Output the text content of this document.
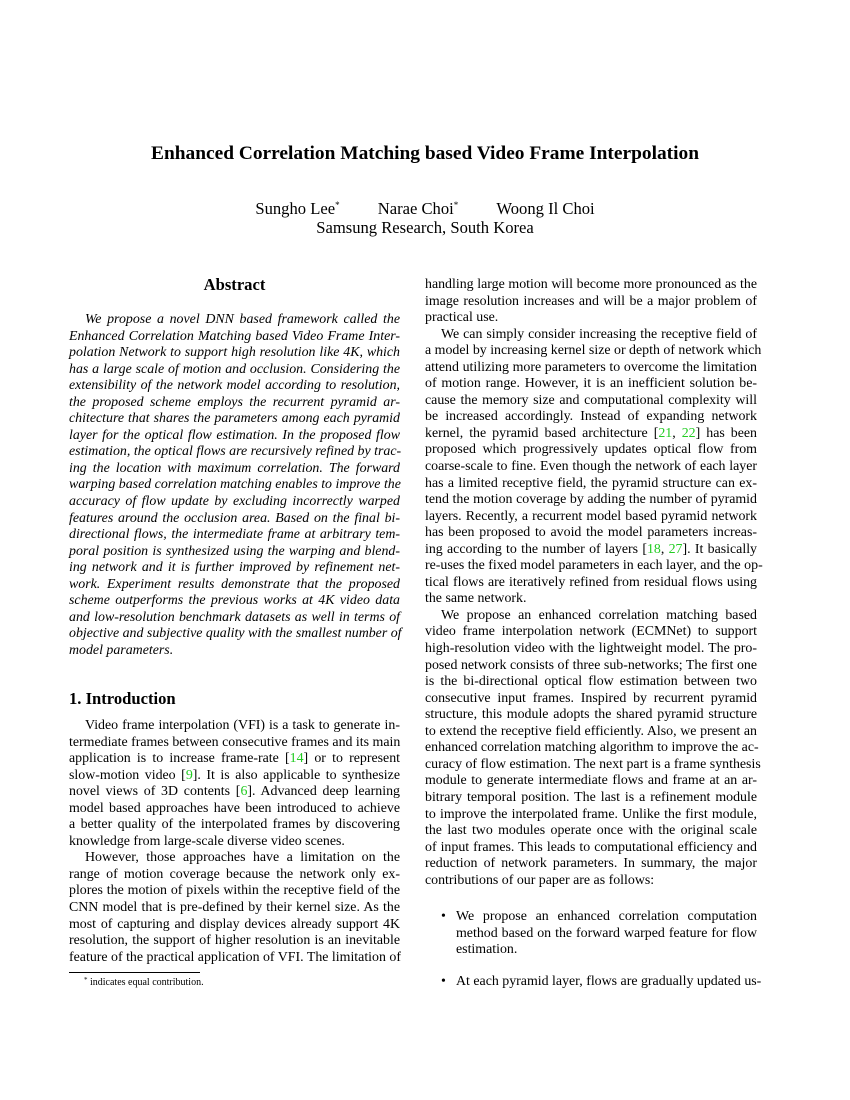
Enhanced Correlation Matching based Video Frame Interpolation
Sungho Lee* Narae Choi* Woong Il Choi
Samsung Research, South Korea
Abstract
We propose a novel DNN based framework called the
Enhanced Correlation Matching based Video Frame Inter-
polation Network to support high resolution like 4K, which
has a large scale of motion and occlusion. Considering the
extensibility of the network model according to resolution,
the proposed scheme employs the recurrent pyramid ar-
chitecture that shares the parameters among each pyramid
layer for the optical flow estimation. In the proposed flow
estimation, the optical flows are recursively refined by trac-
ing the location with maximum correlation. The forward
warping based correlation matching enables to improve the
accuracy of flow update by excluding incorrectly warped
features around the occlusion area. Based on the final bi-
directional flows, the intermediate frame at arbitrary tem-
poral position is synthesized using the warping and blend-
ing network and it is further improved by refinement net-
work. Experiment results demonstrate that the proposed
scheme outperforms the previous works at 4K video data
and low-resolution benchmark datasets as well in terms of
objective and subjective quality with the smallest number of
model parameters.
1. Introduction
Video frame interpolation (VFI) is a task to generate in-
termediate frames between consecutive frames and its main
application is to increase frame-rate [14] or to represent
slow-motion video [9]. It is also applicable to synthesize
novel views of 3D contents [6]. Advanced deep learning
model based approaches have been introduced to achieve
a better quality of the interpolated frames by discovering
knowledge from large-scale diverse video scenes.
However, those approaches have a limitation on the
range of motion coverage because the network only ex-
plores the motion of pixels within the receptive field of the
CNN model that is pre-defined by their kernel size. As the
most of capturing and display devices already support 4K
resolution, the support of higher resolution is an inevitable
feature of the practical application of VFI. The limitation of
handling large motion will become more pronounced as the
image resolution increases and will be a major problem of
practical use.
We can simply consider increasing the receptive field of
a model by increasing kernel size or depth of network which
attend utilizing more parameters to overcome the limitation
of motion range. However, it is an inefficient solution be-
cause the memory size and computational complexity will
be increased accordingly. Instead of expanding network
kernel, the pyramid based architecture [21, 22] has been
proposed which progressively updates optical flow from
coarse-scale to fine. Even though the network of each layer
has a limited receptive field, the pyramid structure can ex-
tend the motion coverage by adding the number of pyramid
layers. Recently, a recurrent model based pyramid network
has been proposed to avoid the model parameters increas-
ing according to the number of layers [18, 27]. It basically
re-uses the fixed model parameters in each layer, and the op-
tical flows are iteratively refined from residual flows using
the same network.
We propose an enhanced correlation matching based
video frame interpolation network (ECMNet) to support
high-resolution video with the lightweight model. The pro-
posed network consists of three sub-networks; The first one
is the bi-directional optical flow estimation between two
consecutive input frames. Inspired by recurrent pyramid
structure, this module adopts the shared pyramid structure
to extend the receptive field efficiently. Also, we present an
enhanced correlation matching algorithm to improve the ac-
curacy of flow estimation. The next part is a frame synthesis
module to generate intermediate flows and frame at an ar-
bitrary temporal position. The last is a refinement module
to improve the interpolated frame. Unlike the first module,
the last two modules operate once with the original scale
of input frames. This leads to computational efficiency and
reduction of network parameters. In summary, the major
contributions of our paper are as follows:
• We propose an enhanced correlation computation
method based on the forward warped feature for flow
estimation.
• At each pyramid layer, flows are gradually updated us-
* indicates equal contribution.
